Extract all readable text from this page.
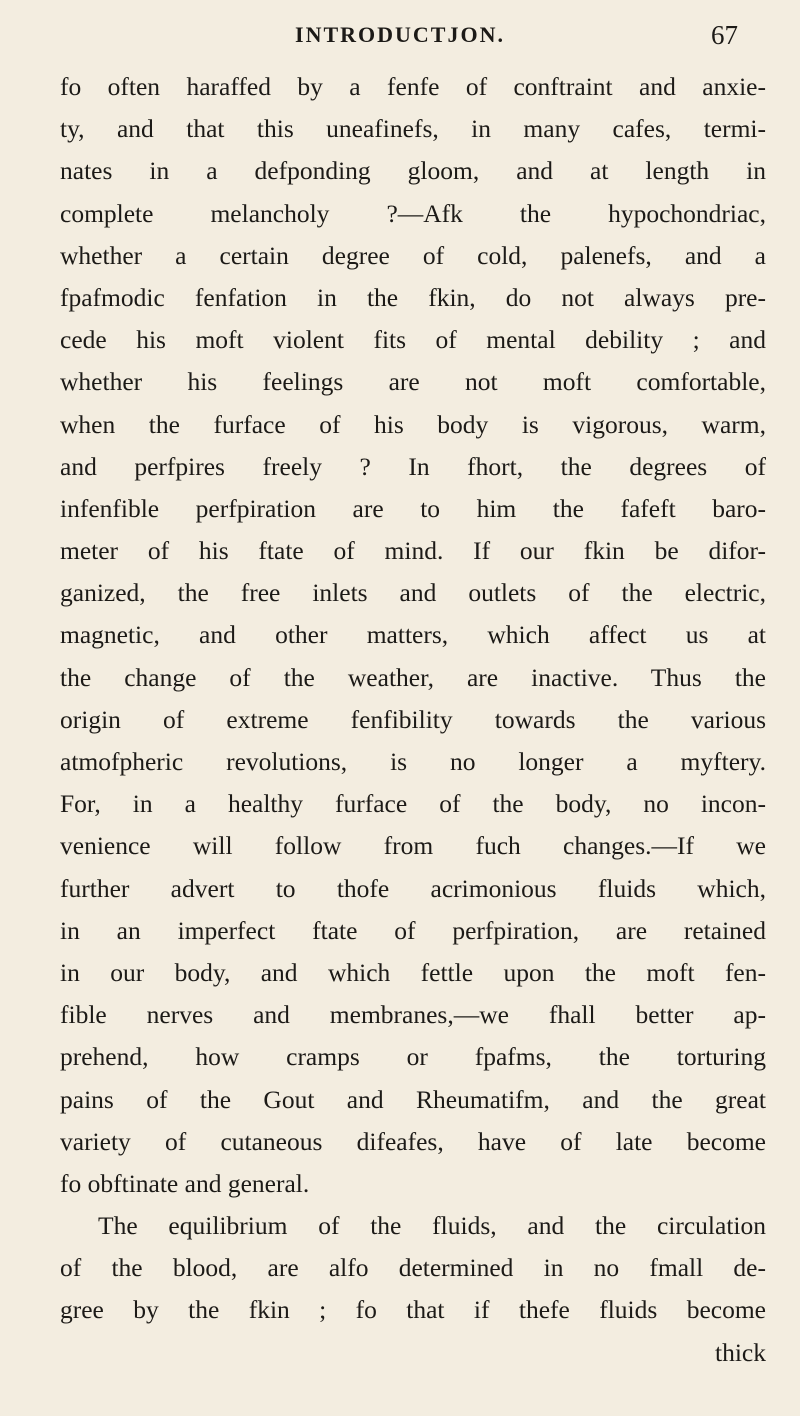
INTRODUCTJON.	67
fo often haraffed by a fenfe of conftraint and anxie-
ty, and that this uneafinefs, in many cafes, termi-
nates in a defponding gloom, and at length in
complete melancholy ?—Afk the hypochondriac,
whether a certain degree of cold, palenefs, and a
fpafmodic fenfation in the fkin, do not always pre-
cede his moft violent fits of mental debility ; and
whether his feelings are not moft comfortable,
when the furface of his body is vigorous, warm,
and perfpires freely ? In fhort, the degrees of
infenfible perfpiration are to him the fafeft baro-
meter of his ftate of mind. If our fkin be difor-
ganized, the free inlets and outlets of the electric,
magnetic, and other matters, which affect us at
the change of the weather, are inactive. Thus the
origin of extreme fenfibility towards the various
atmofpheric revolutions, is no longer a myftery.
For, in a healthy furface of the body, no incon-
venience will follow from fuch changes.—If we
further advert to thofe acrimonious fluids which,
in an imperfect ftate of perfpiration, are retained
in our body, and which fettle upon the moft fen-
fible nerves and membranes,—we fhall better ap-
prehend, how cramps or fpafms, the torturing
pains of the Gout and Rheumatifm, and the great
variety of cutaneous difeafes, have of late become
fo obftinate and general.
The equilibrium of the fluids, and the circulation
of the blood, are alfo determined in no fmall de-
gree by the fkin ; fo that if thefe fluids become
thick
